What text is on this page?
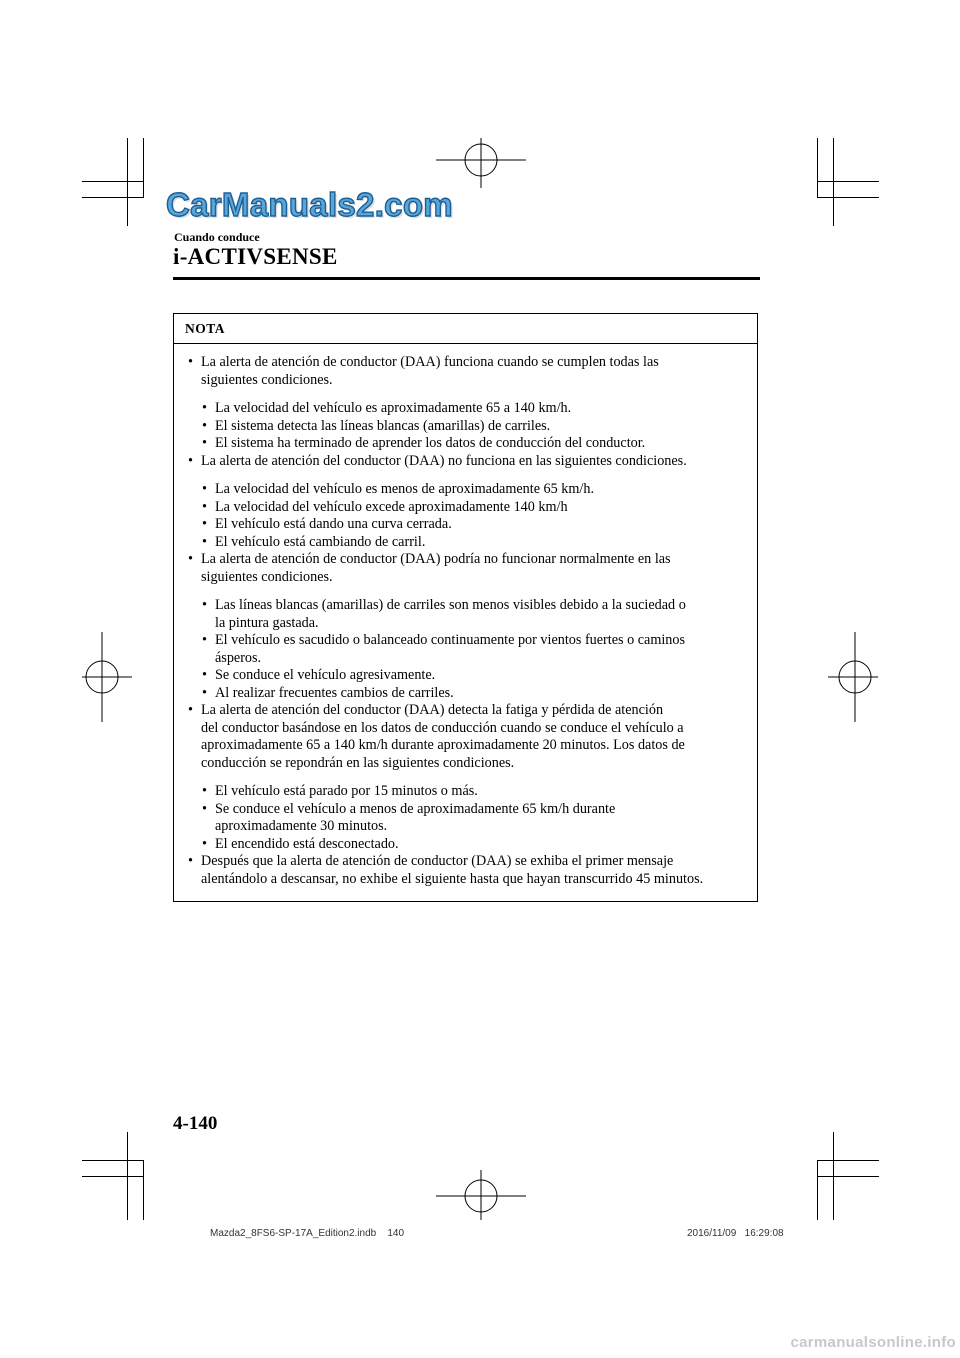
CarManuals2.com
Cuando conduce
i-ACTIVSENSE
NOTA
• La alerta de atención de conductor (DAA) funciona cuando se cumplen todas las
siguientes condiciones.
• La velocidad del vehículo es aproximadamente 65 a 140 km/h.
• El sistema detecta las líneas blancas (amarillas) de carriles.
• El sistema ha terminado de aprender los datos de conducción del conductor.
• La alerta de atención del conductor (DAA) no funciona en las siguientes condiciones.
• La velocidad del vehículo es menos de aproximadamente 65 km/h.
• La velocidad del vehículo excede aproximadamente 140 km/h
• El vehículo está dando una curva cerrada.
• El vehículo está cambiando de carril.
• La alerta de atención de conductor (DAA) podría no funcionar normalmente en las
siguientes condiciones.
• Las líneas blancas (amarillas) de carriles son menos visibles debido a la suciedad o
la pintura gastada.
• El vehículo es sacudido o balanceado continuamente por vientos fuertes o caminos
ásperos.
• Se conduce el vehículo agresivamente.
• Al realizar frecuentes cambios de carriles.
• La alerta de atención del conductor (DAA) detecta la fatiga y pérdida de atención
del conductor basándose en los datos de conducción cuando se conduce el vehículo a
aproximadamente 65 a 140 km/h durante aproximadamente 20 minutos. Los datos de
conducción se repondrán en las siguientes condiciones.
• El vehículo está parado por 15 minutos o más.
• Se conduce el vehículo a menos de aproximadamente 65 km/h durante
aproximadamente 30 minutos.
• El encendido está desconectado.
• Después que la alerta de atención de conductor (DAA) se exhiba el primer mensaje
alentándolo a descansar, no exhibe el siguiente hasta que hayan transcurrido 45 minutos.
4-140
Mazda2_8FS6-SP-17A_Edition2.indb    140	2016/11/09   16:29:08
carmanualsonline.info
